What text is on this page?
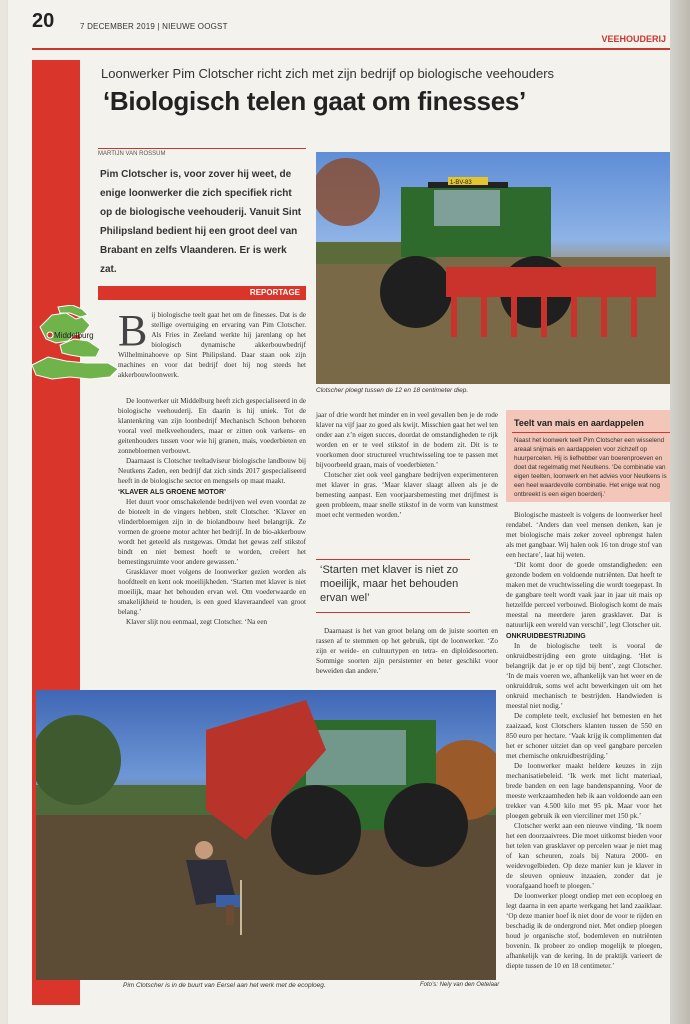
20	7 DECEMBER 2019 | NIEUWE OOGST
VEEHOUDERIJ
Loonwerker Pim Clotscher richt zich met zijn bedrijf op biologische veehouders
‘Biologisch telen gaat om finesses’
MARTIJN VAN ROSSUM
Pim Clotscher is, voor zover hij weet, de enige loonwerker die zich specifiek richt op de biologische veehouderij. Vanuit Sint Philipsland bedient hij een groot deel van Brabant en zelfs Vlaanderen. Er is werk zat.
REPORTAGE
Middelburg B ij biologische teelt gaat het om de finesses. Dat is de stellige overtuiging en ervaring van Pim Clotscher. Als Fries in Zeeland werkte hij jarenlang op het biologisch dynamische akkerbouwbedrijf Wilhelminahoeve op Sint Philipsland. Daar staan ook zijn machines en voor dat bedrijf doet hij nog steeds het akkerbouwloonwerk.

De loonwerker uit Middelburg heeft zich gespecialiseerd in de biologische veehouderij. En daarin is hij uniek. Tot de klantenkring van zijn loonbedrijf Mechanisch Schoon behoren vooral veel melkveehouders, maar er zitten ook varkens- en geitenhouders tussen voor wie hij granen, mais, voederbieten en zonnebloemen verbouwt.

Daarnaast is Clotscher teeltadviseur biologische landbouw bij Neutkens Zaden, een bedrijf dat zich sinds 2017 gespecialiseerd heeft in de biologische sector en mengsels op maat maakt.

‘KLAVER ALS GROENE MOTOR’

Het duurt voor omschakelende bedrijven wel even voordat ze de bioteelt in de vingers hebben, stelt Clotscher. ‘Klaver en vlinderbloemigen zijn in de biolandbouw heel belangrijk. Ze vormen de groene motor achter het bedrijf. In de bio-akkerbouw wordt het geteeld als rustgewas. Omdat het gewas zelf stikstof bindt en niet bemest hoeft te worden, creëert het bemestingsruimte voor andere gewassen.’

Grasklaver moet volgens de loonwerker gezien worden als hoofdteelt en kent ook moeilijkheden. ‘Starten met klaver is niet moeilijk, maar het behouden ervan wel. Om voederwaarde en smakelijkheid te houden, is een goed klaveraandeel van groot belang.’

Klaver slijt nou eenmaal, zegt Clotscher. ‘Na een

1-BV-83
Clotscher ploegt tussen de 12 en 18 centimeter diep.

jaar of drie wordt het minder en in veel gevallen ben je de rode klaver na vijf jaar zo goed als kwijt. Misschien gaat het wel ten onder aan z’n eigen succes, doordat de omstandigheden te rijk worden en er te veel stikstof in de bodem zit. Dit is te voorkomen door structureel vruchtwisseling toe te passen met bijvoorbeeld graan, mais of voederbieten.’

Clotscher ziet ook veel gangbare bedrijven experimenteren met klaver in gras. ‘Maar klaver slaagt alleen als je de bemesting aanpast. Een voorjaarsbemesting met drijfmest is geen probleem, maar snelle stikstof in de vorm van kunstmest moet echt vermeden worden.’

‘Starten met klaver is niet zo moeilijk, maar het behouden ervan wel’

Daarnaast is het van groot belang om de juiste soorten en rassen af te stemmen op het gebruik, tipt de loonwerker. ‘Zo zijn er weide- en cultuurtypen en tetra- en diploïdesoorten. Sommige soorten zijn persistenter en beter geschikt voor beweiden dan andere.’

Teelt van mais en aardappelen

Naast het loonwerk teelt Pim Clotscher een wisselend areaal snijmais en aardappelen voor zichzelf op huurpercelen. Hij is liefhebber van boerenproeven en doet dat regelmatig met Neutkens. ‘De combinatie van eigen teelten, loonwerk en het advies voor Neutkens is een heel waardevolle combinatie. Het enige wat nog ontbreekt is een eigen boerderij.’

Biologische masteelt is volgens de loonwerker heel rendabel. ‘Anders dan veel mensen denken, kan je met biologische mais zeker zoveel opbrengst halen als met gangbaar. Wij halen ook 16 ton droge stof van een hectare’, laat hij weten.

‘Dit komt door de goede omstandigheden: een gezonde bodem en voldoende nutriënten. Dat heeft te maken met de vruchtwisseling die wordt toegepast. In de gangbare teelt wordt vaak jaar in jaar uit mais op hetzelfde perceel verbouwd. Biologisch komt de mais meestal na meerdere jaren grasklaver. Dat is natuurlijk een wereld van verschil’, legt Clotscher uit.

ONKRUIDBESTRIJDING

In de biologische teelt is vooral de onkruidbestrijding een grote uitdaging. ‘Het is belangrijk dat je er op tijd bij bent’, zegt Clotscher. ‘In de mais voeren we, afhankelijk van het weer en de onkruiddruk, soms wel acht bewerkingen uit om het onkruid mechanisch te bestrijden. Handwieden is meestal niet nodig.’

De complete teelt, exclusief het bemesten en het zaaizaad, kost Clotschers klanten tussen de 550 en 850 euro per hectare. ‘Vaak krijg ik complimenten dat het er schoner uitziet dan op veel gangbare percelen met chemische onkruidbestrijding.’

De loonwerker maakt heldere keuzes in zijn mechanisatiebeleid. ‘Ik werk met licht materiaal, brede banden en een lage bandenspanning. Voor de meeste werkzaamheden heb ik aan voldoende aan een trekker van 4.500 kilo met 95 pk. Maar voor het ploegen gebruik ik een vierciliner met 150 pk.’

Clotscher werkt aan een nieuwe vinding. ‘Ik noem het een doorzaaivrees. Die moet uitkomst bieden voor het telen van grasklaver op percelen waar je niet mag of kan scheuren, zoals bij Natura 2000- en weidevogelbieden. Op deze manier kun je klaver in de sleuven opnieuw inzaaien, zonder dat je voorafgaand hoeft te ploegen.’

De loonwerker ploegt ondiep met een ecoploeg en legt daarna in een aparte werkgang het land zaaiklaar. ‘Op deze manier hoef ik niet door de voor te rijden en beschadig ik de ondergrond niet. Met ondiep ploegen houd je organische stof, bodemleven en nutriënten bovenin. Ik probeer zo ondiep mogelijk te ploegen, afhankelijk van de kering. In de praktijk varieert de diepte tussen de 10 en 18 centimeter.’

Pim Clotscher is in de buurt van Eersel aan het werk met de ecoploeg.	Foto’s: Nely van den Oetelaar
